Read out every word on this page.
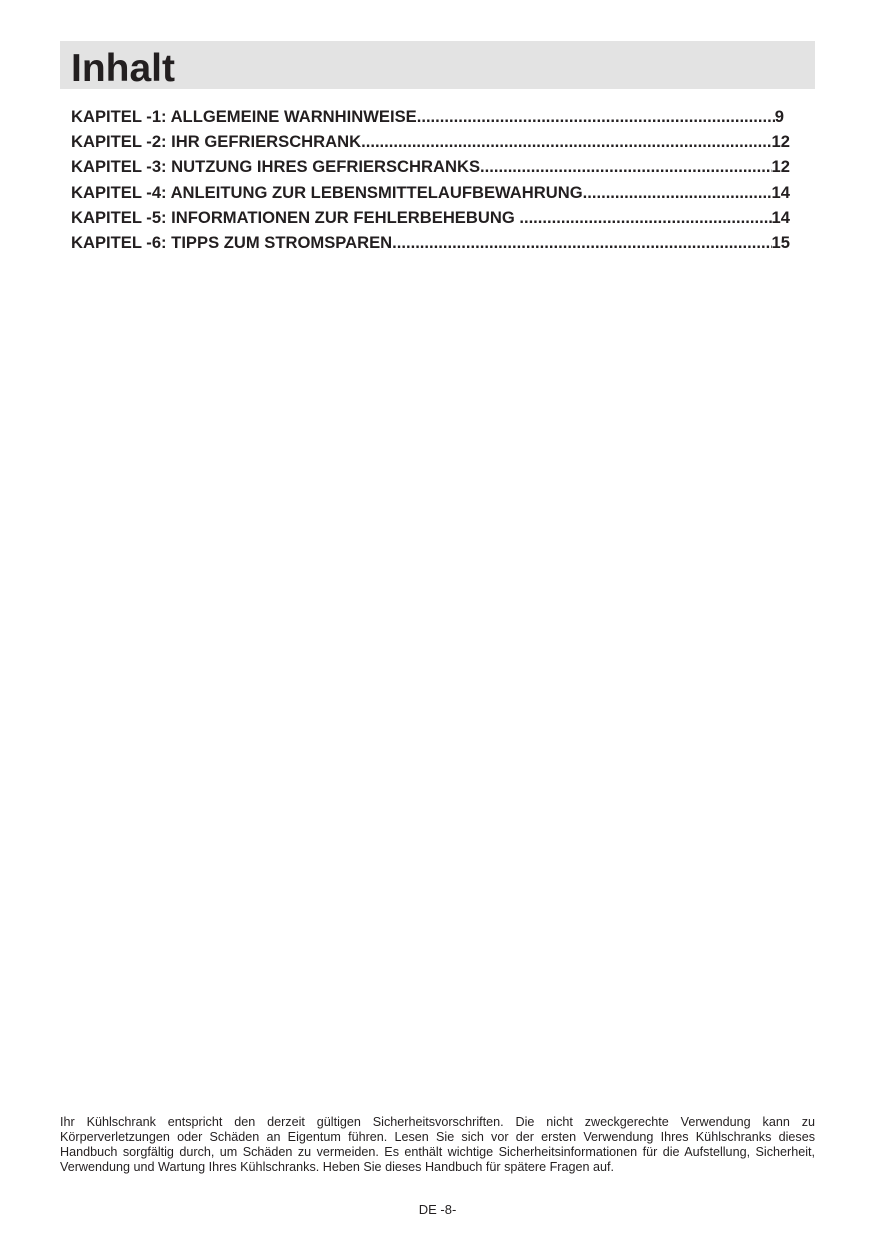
Inhalt
KAPITEL -1: ALLGEMEINE WARNHINWEISE .....	9
KAPITEL -2: IHR GEFRIERSCHRANK .....	12
KAPITEL -3: NUTZUNG IHRES GEFRIERSCHRANKS .....	12
KAPITEL -4: ANLEITUNG ZUR LEBENSMITTELAUFBEWAHRUNG .....	14
KAPITEL -5: INFORMATIONEN ZUR FEHLERBEHEBUNG .....	14
KAPITEL -6: TIPPS ZUM STROMSPAREN .....	15

Ihr Kühlschrank entspricht den derzeit gültigen Sicherheitsvorschriften. Die nicht zweckgerechte Verwendung kann zu Körperverletzungen oder Schäden an Eigentum führen. Lesen Sie sich vor der ersten Verwendung Ihres Kühlschranks dieses Handbuch sorgfältig durch, um Schäden zu vermeiden. Es enthält wichtige Sicherheitsinformationen für die Aufstellung, Sicherheit, Verwendung und Wartung Ihres Kühlschranks. Heben Sie dieses Handbuch für spätere Fragen auf.

DE -8-
